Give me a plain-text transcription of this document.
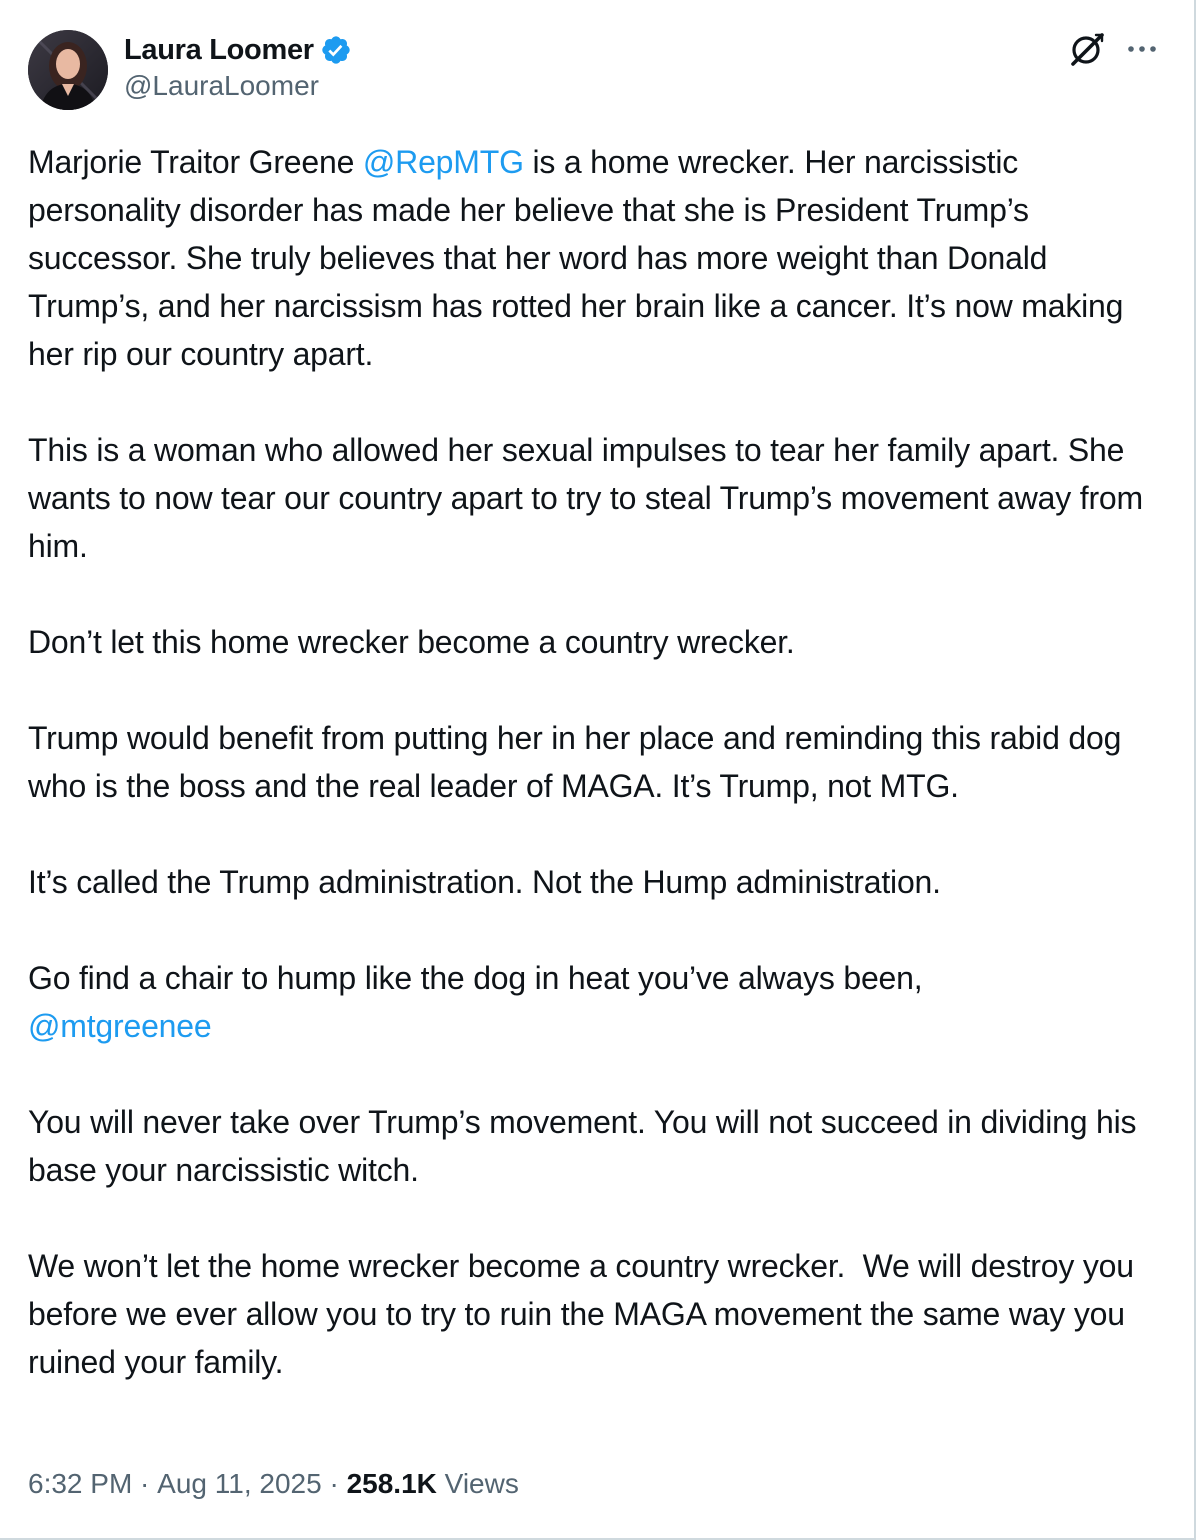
Laura Loomer
@LauraLoomer

Marjorie Traitor Greene @RepMTG is a home wrecker. Her narcissistic personality disorder has made her believe that she is President Trump’s successor. She truly believes that her word has more weight than Donald Trump’s, and her narcissism has rotted her brain like a cancer. It’s now making her rip our country apart.

This is a woman who allowed her sexual impulses to tear her family apart. She wants to now tear our country apart to try to steal Trump’s movement away from him.

Don’t let this home wrecker become a country wrecker.

Trump would benefit from putting her in her place and reminding this rabid dog who is the boss and the real leader of MAGA. It’s Trump, not MTG.

It’s called the Trump administration. Not the Hump administration.

Go find a chair to hump like the dog in heat you’ve always been,
@mtgreenee

You will never take over Trump’s movement. You will not succeed in dividing his base your narcissistic witch.

We won’t let the home wrecker become a country wrecker.  We will destroy you before we ever allow you to try to ruin the MAGA movement the same way you ruined your family.

6:32 PM · Aug 11, 2025 · 258.1K Views
